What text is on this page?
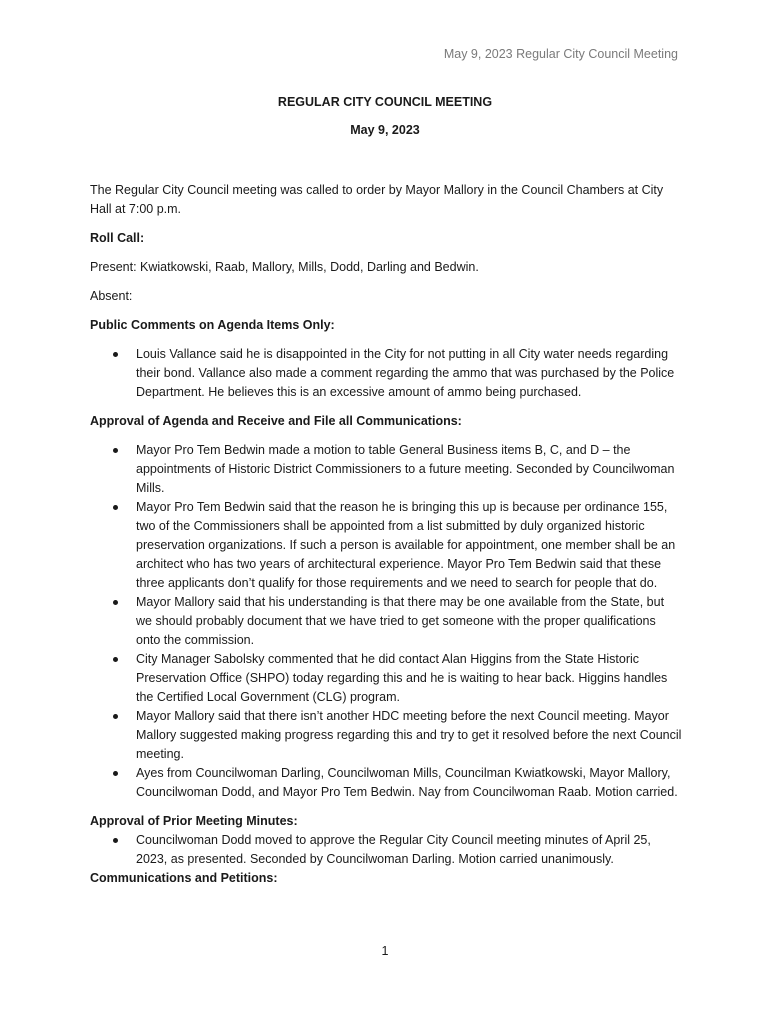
May 9, 2023 Regular City Council Meeting
REGULAR CITY COUNCIL MEETING
May 9, 2023

The Regular City Council meeting was called to order by Mayor Mallory in the Council Chambers at City Hall at 7:00 p.m.

Roll Call:

Present: Kwiatkowski, Raab, Mallory, Mills, Dodd, Darling and Bedwin.

Absent:

Public Comments on Agenda Items Only:
Louis Vallance said he is disappointed in the City for not putting in all City water needs regarding their bond. Vallance also made a comment regarding the ammo that was purchased by the Police Department. He believes this is an excessive amount of ammo being purchased.
Approval of Agenda and Receive and File all Communications:
Mayor Pro Tem Bedwin made a motion to table General Business items B, C, and D – the appointments of Historic District Commissioners to a future meeting. Seconded by Councilwoman Mills.
Mayor Pro Tem Bedwin said that the reason he is bringing this up is because per ordinance 155, two of the Commissioners shall be appointed from a list submitted by duly organized historic preservation organizations. If such a person is available for appointment, one member shall be an architect who has two years of architectural experience. Mayor Pro Tem Bedwin said that these three applicants don’t qualify for those requirements and we need to search for people that do.
Mayor Mallory said that his understanding is that there may be one available from the State, but we should probably document that we have tried to get someone with the proper qualifications onto the commission.
City Manager Sabolsky commented that he did contact Alan Higgins from the State Historic Preservation Office (SHPO) today regarding this and he is waiting to hear back. Higgins handles the Certified Local Government (CLG) program.
Mayor Mallory said that there isn’t another HDC meeting before the next Council meeting. Mayor Mallory suggested making progress regarding this and try to get it resolved before the next Council meeting.
Ayes from Councilwoman Darling, Councilwoman Mills, Councilman Kwiatkowski, Mayor Mallory, Councilwoman Dodd, and Mayor Pro Tem Bedwin. Nay from Councilwoman Raab. Motion carried.
Approval of Prior Meeting Minutes:
Councilwoman Dodd moved to approve the Regular City Council meeting minutes of April 25, 2023, as presented. Seconded by Councilwoman Darling. Motion carried unanimously.
Communications and Petitions:
1
